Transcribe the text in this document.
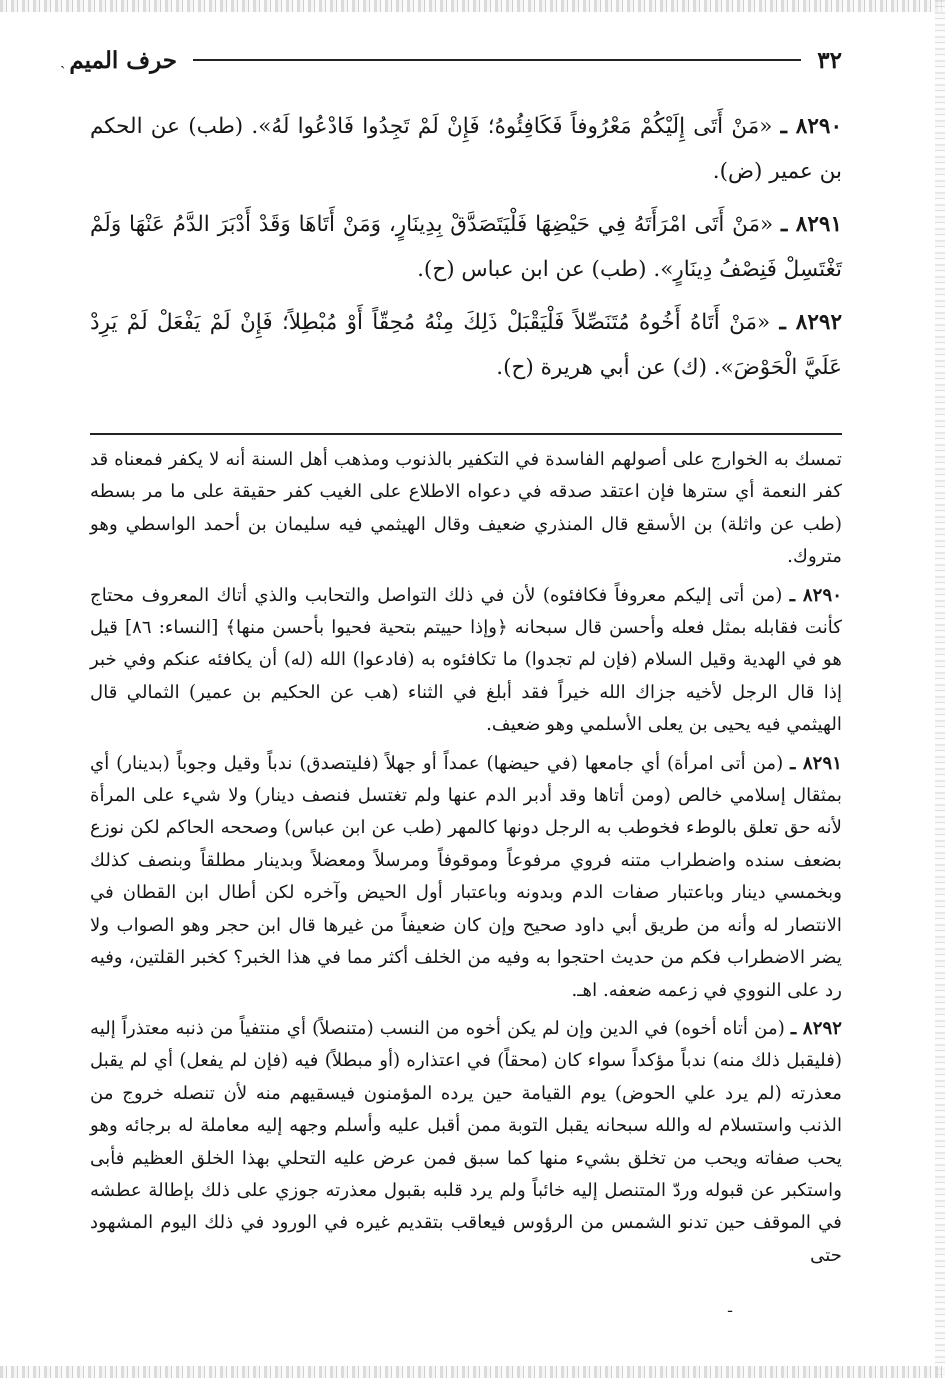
٣٢
حرف الميم
ˏ

٨٢٩٠ ـ «مَنْ أَتَى إِلَيْكُمْ مَعْرُوفاً فَكَافِئُوهُ؛ فَإِنْ لَمْ تَجِدُوا فَادْعُوا لَهُ». (طب) عن الحكم بن عمير (ض).

٨٢٩١ ـ «مَنْ أَتَى امْرَأَتَهُ فِي حَيْضِهَا فَلْيَتَصَدَّقْ بِدِينَارٍ، وَمَنْ أَتَاهَا وَقَدْ أَدْبَرَ الدَّمُ عَنْهَا وَلَمْ تَغْتَسِلْ فَنِصْفُ دِينَارٍ». (طب) عن ابن عباس (ح).

٨٢٩٢ ـ «مَنْ أَتَاهُ أَخُوهُ مُتَنَصِّلاً فَلْيَقْبَلْ ذَلِكَ مِنْهُ مُحِقّاً أَوْ مُبْطِلاً؛ فَإِنْ لَمْ يَفْعَلْ لَمْ يَرِدْ عَلَيَّ الْحَوْضَ». (ك) عن أبي هريرة (ح).

تمسك به الخوارج على أصولهم الفاسدة في التكفير بالذنوب ومذهب أهل السنة أنه لا يكفر فمعناه قد كفر النعمة أي سترها فإن اعتقد صدقه في دعواه الاطلاع على الغيب كفر حقيقة على ما مر بسطه (طب عن واثلة) بن الأسقع قال المنذري ضعيف وقال الهيثمي فيه سليمان بن أحمد الواسطي وهو متروك.

٨٢٩٠ ـ (من أتى إليكم معروفاً فكافئوه) لأن في ذلك التواصل والتحابب والذي أتاك المعروف محتاج كأنت فقابله بمثل فعله وأحسن قال سبحانه ﴿وإذا حييتم بتحية فحيوا بأحسن منها﴾ [النساء: ٨٦] قيل هو في الهدية وقيل السلام (فإن لم تجدوا) ما تكافئوه به (فادعوا) الله (له) أن يكافئه عنكم وفي خبر إذا قال الرجل لأخيه جزاك الله خيراً فقد أبلغ في الثناء (هب عن الحكيم بن عمير) الثمالي قال الهيثمي فيه يحيى بن يعلى الأسلمي وهو ضعيف.

٨٢٩١ ـ (من أتى امرأة) أي جامعها (في حيضها) عمداً أو جهلاً (فليتصدق) ندباً وقيل وجوباً (بدينار) أي بمثقال إسلامي خالص (ومن أتاها وقد أدبر الدم عنها ولم تغتسل فنصف دينار) ولا شيء على المرأة لأنه حق تعلق بالوطء فخوطب به الرجل دونها كالمهر (طب عن ابن عباس) وصححه الحاكم لكن نوزع بضعف سنده واضطراب متنه فروي مرفوعاً وموقوفاً ومرسلاً ومعضلاً وبدينار مطلقاً وبنصف كذلك وبخمسي دينار وباعتبار صفات الدم وبدونه وباعتبار أول الحيض وآخره لكن أطال ابن القطان في الانتصار له وأنه من طريق أبي داود صحيح وإن كان ضعيفاً من غيرها قال ابن حجر وهو الصواب ولا يضر الاضطراب فكم من حديث احتجوا به وفيه من الخلف أكثر مما في هذا الخبر؟ كخبر القلتين، وفيه رد على النووي في زعمه ضعفه. اهـ.

٨٢٩٢ ـ (من أتاه أخوه) في الدين وإن لم يكن أخوه من النسب (متنصلاً) أي منتفياً من ذنبه معتذراً إليه (فليقبل ذلك منه) ندباً مؤكداً سواء كان (محقاً) في اعتذاره (أو مبطلاً) فيه (فإن لم يفعل) أي لم يقبل معذرته (لم يرد علي الحوض) يوم القيامة حين يرده المؤمنون فيسقيهم منه لأن تنصله خروج من الذنب واستسلام له والله سبحانه يقبل التوبة ممن أقبل عليه وأسلم وجهه إليه معاملة له برجائه وهو يحب صفاته ويحب من تخلق بشيء منها كما سبق فمن عرض عليه التحلي بهذا الخلق العظيم فأبى واستكبر عن قبوله وردّ المتنصل إليه خائباً ولم يرد قلبه بقبول معذرته جوزي على ذلك بإطالة عطشه في الموقف حين تدنو الشمس من الرؤوس فيعاقب بتقديم غيره في الورود في ذلك اليوم المشهود حتى

ـ
